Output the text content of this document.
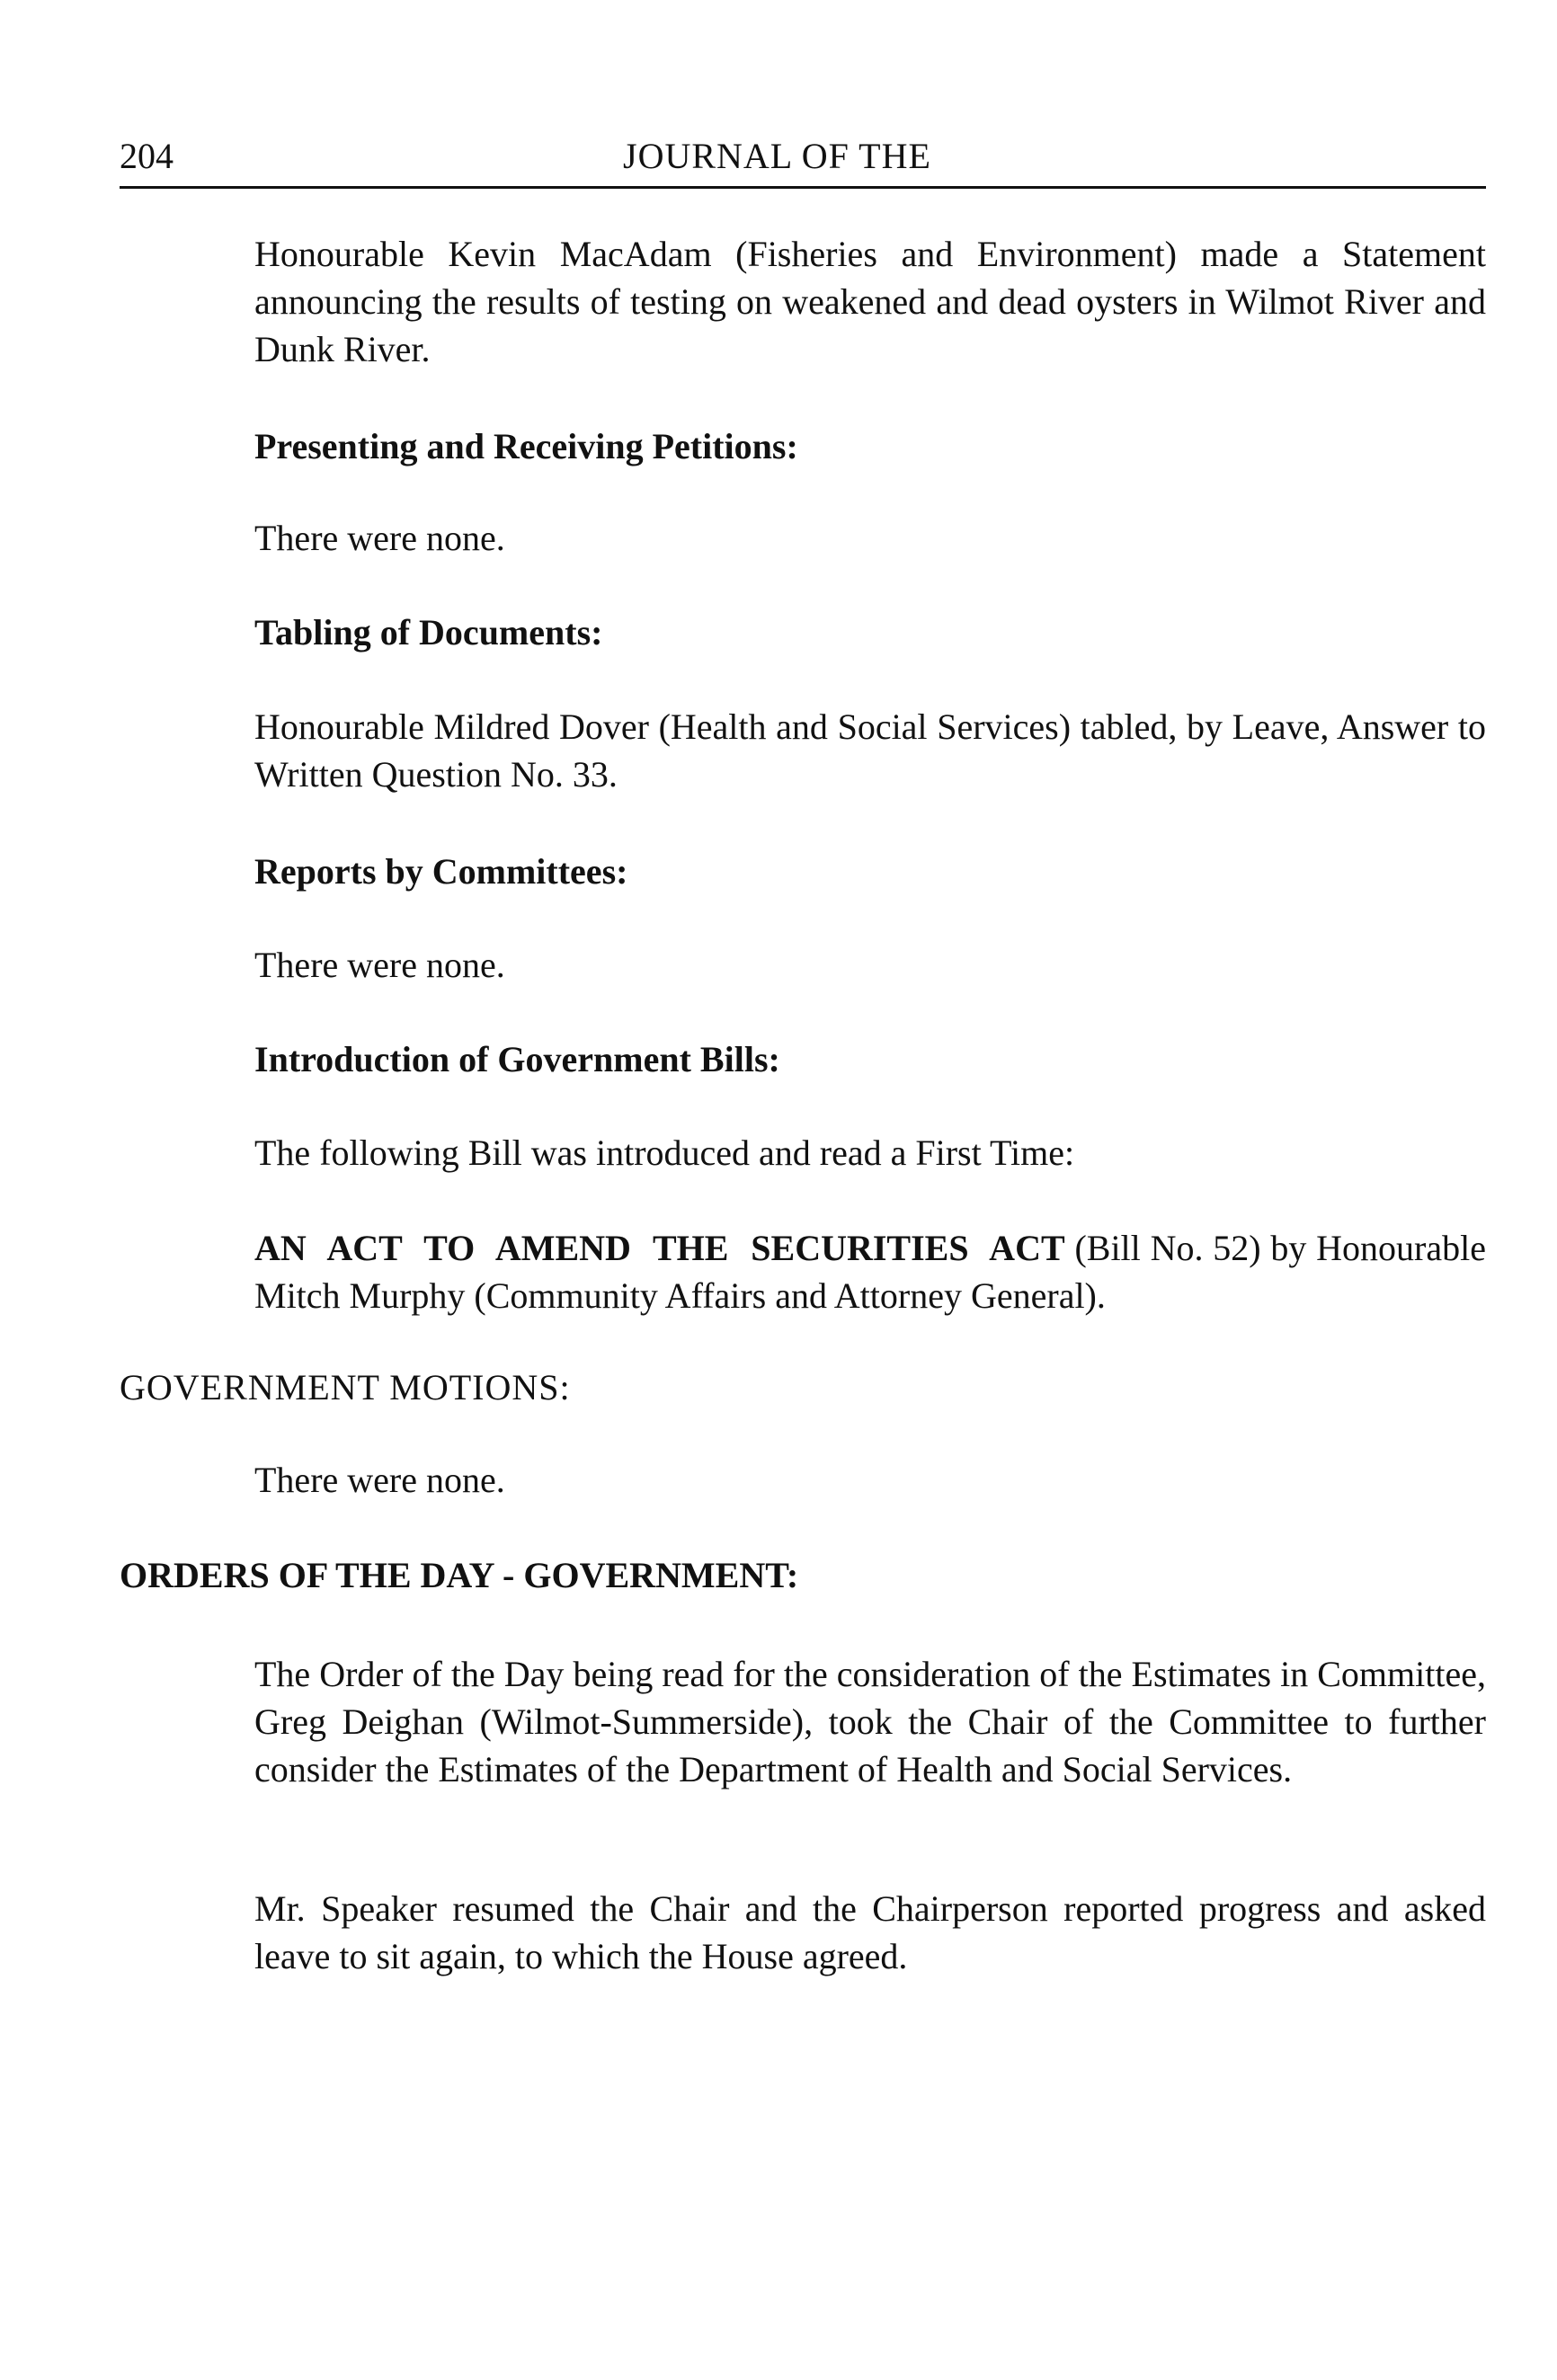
204	JOURNAL OF THE
Honourable Kevin MacAdam (Fisheries and Environment) made a Statement announcing the results of testing on weakened and dead oysters in Wilmot River and Dunk River.
Presenting and Receiving Petitions:
There were none.
Tabling of Documents:
Honourable Mildred Dover (Health and Social Services) tabled, by Leave, Answer to Written Question No. 33.
Reports by Committees:
There were none.
Introduction of Government Bills:
The following Bill was introduced and read a First Time:
AN ACT TO AMEND THE SECURITIES ACT (Bill No. 52) by Honourable Mitch Murphy (Community Affairs and Attorney General).
GOVERNMENT MOTIONS:
There were none.
ORDERS OF THE DAY - GOVERNMENT:
The Order of the Day being read for the consideration of the Estimates in Committee, Greg Deighan (Wilmot-Summerside), took the Chair of the Committee to further consider the Estimates of the Department of Health and Social Services.
Mr. Speaker resumed the Chair and the Chairperson reported progress and asked leave to sit again, to which the House agreed.
